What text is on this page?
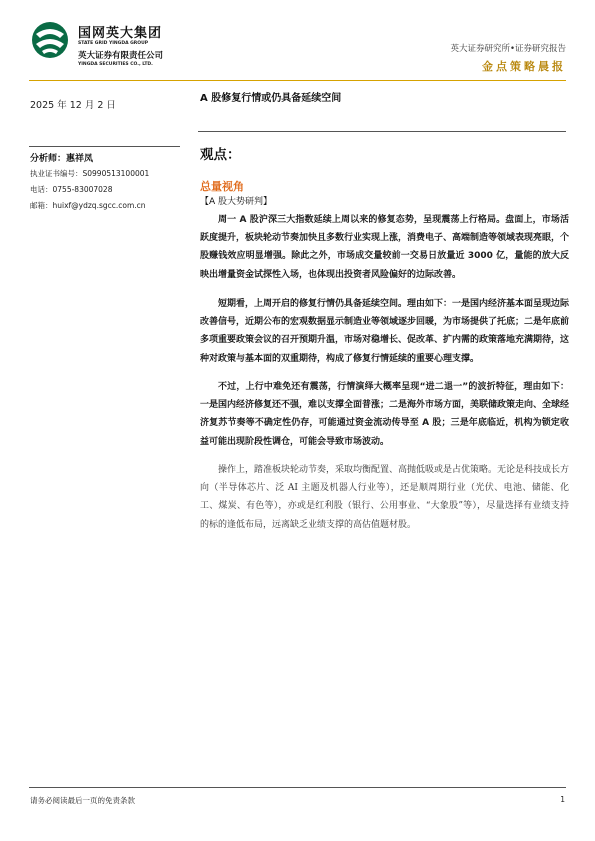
国网英大集团
STATE GRID YINGDA GROUP
英大证券有限责任公司
YINGDA SECURITIES CO., LTD.
英大证券研究所•证券研究报告
金点策略晨报
2025 年 12 月 2 日
A 股修复行情或仍具备延续空间
分析师：惠祥凤
执业证书编号：S0990513100001
电话：0755-83007028
邮箱：huixf@ydzq.sgcc.com.cn
观点：
总量视角
【A 股大势研判】

周一 A 股沪深三大指数延续上周以来的修复态势，呈现震荡上行格局。盘面上，市场活跃度提升，板块轮动节奏加快且多数行业实现上涨，消费电子、高端制造等领域表现亮眼，个股赚钱效应明显增强。除此之外，市场成交量较前一交易日放量近 3000 亿，量能的放大反映出增量资金试探性入场，也体现出投资者风险偏好的边际改善。

短期看，上周开启的修复行情仍具备延续空间。理由如下：一是国内经济基本面呈现边际改善信号，近期公布的宏观数据显示制造业等领域逐步回暖，为市场提供了托底；二是年底前多项重要政策会议的召开预期升温，市场对稳增长、促改革、扩内需的政策落地充满期待，这种对政策与基本面的双重期待，构成了修复行情延续的重要心理支撑。

不过，上行中难免还有震荡，行情演绎大概率呈现“进二退一”的波折特征，理由如下：一是国内经济修复还不强，难以支撑全面普涨；二是海外市场方面，美联储政策走向、全球经济复苏节奏等不确定性仍存，可能通过资金流动传导至 A 股；三是年底临近，机构为锁定收益可能出现阶段性调仓，可能会导致市场波动。

操作上，踏准板块轮动节奏，采取均衡配置、高抛低吸或是占优策略。无论是科技成长方向（半导体芯片、泛 AI 主题及机器人行业等），还是顺周期行业（光伏、电池、储能、化工、煤炭、有色等），亦或是红利股（银行、公用事业、“大象股”等），尽量选择有业绩支持的标的逢低布局，远离缺乏业绩支撑的高估值题材股。

请务必阅读最后一页的免责条款	1
